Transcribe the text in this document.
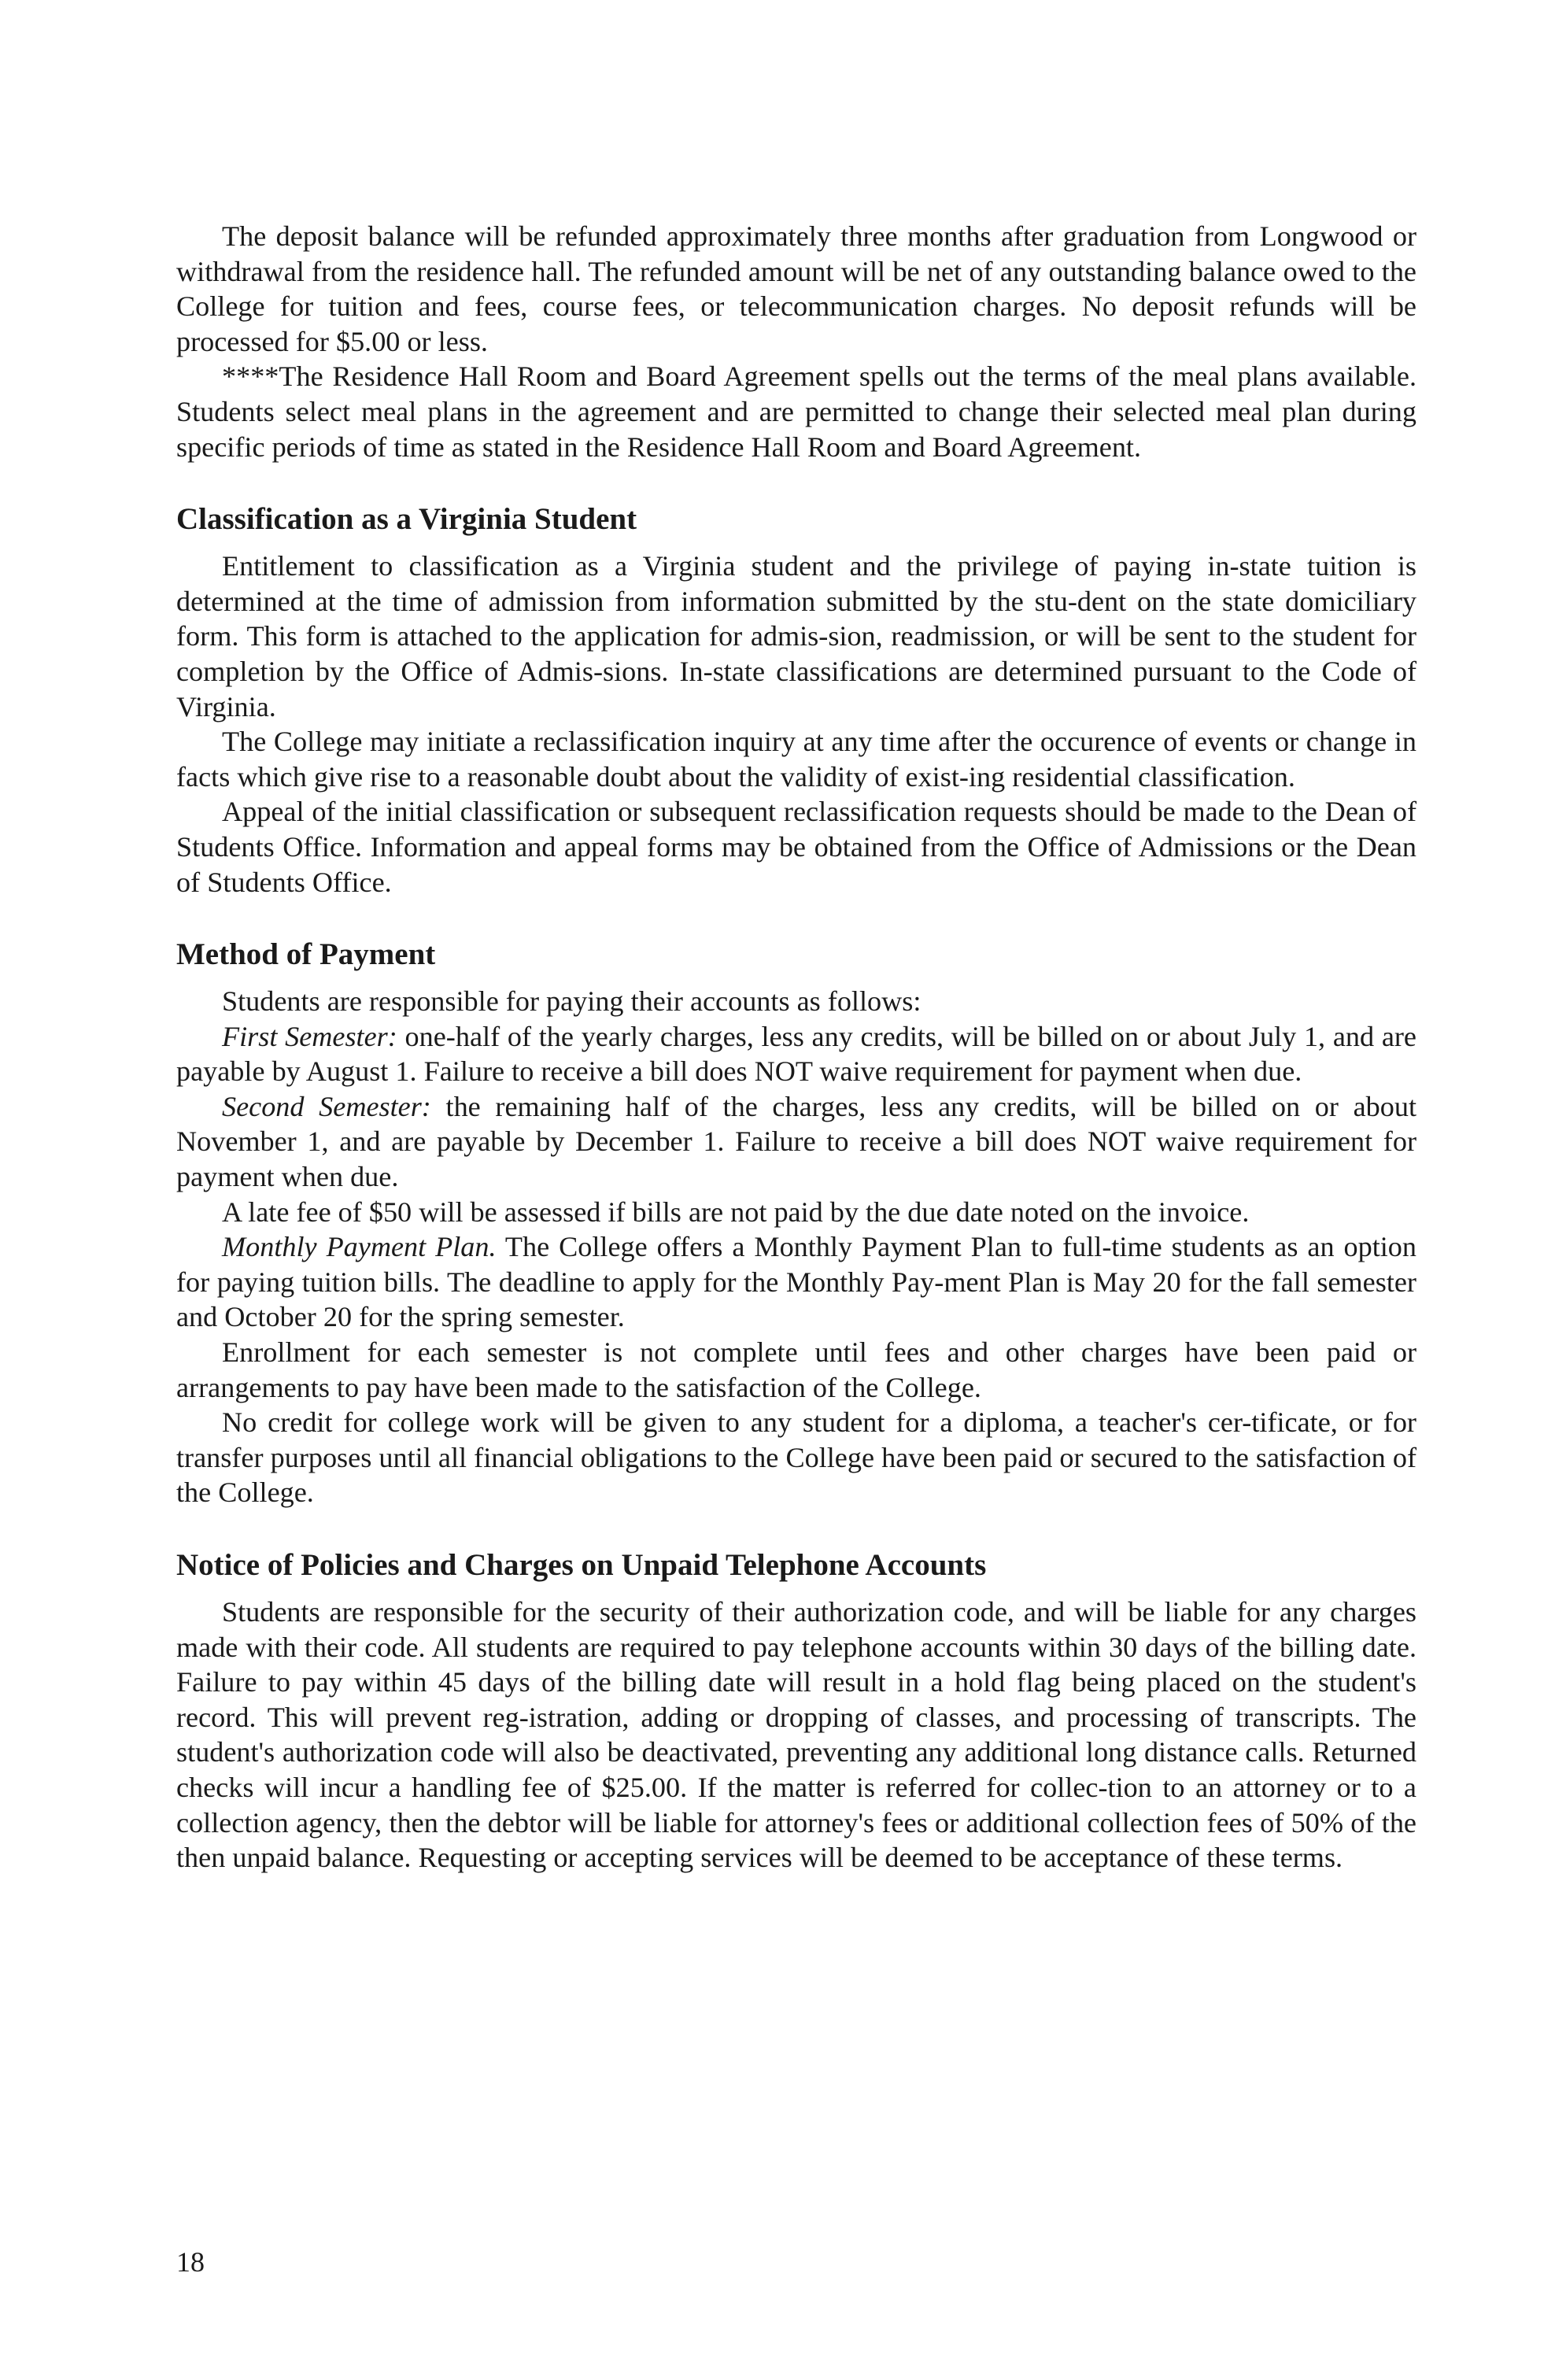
The deposit balance will be refunded approximately three months after graduation from Longwood or withdrawal from the residence hall. The refunded amount will be net of any outstanding balance owed to the College for tuition and fees, course fees, or telecommunication charges. No deposit refunds will be processed for $5.00 or less.

****The Residence Hall Room and Board Agreement spells out the terms of the meal plans available. Students select meal plans in the agreement and are permitted to change their selected meal plan during specific periods of time as stated in the Residence Hall Room and Board Agreement.

Classification as a Virginia Student

Entitlement to classification as a Virginia student and the privilege of paying in-state tuition is determined at the time of admission from information submitted by the stu-dent on the state domiciliary form. This form is attached to the application for admis-sion, readmission, or will be sent to the student for completion by the Office of Admis-sions. In-state classifications are determined pursuant to the Code of Virginia.

The College may initiate a reclassification inquiry at any time after the occurence of events or change in facts which give rise to a reasonable doubt about the validity of exist-ing residential classification.

Appeal of the initial classification or subsequent reclassification requests should be made to the Dean of Students Office. Information and appeal forms may be obtained from the Office of Admissions or the Dean of Students Office.

Method of Payment

Students are responsible for paying their accounts as follows:

First Semester: one-half of the yearly charges, less any credits, will be billed on or about July 1, and are payable by August 1. Failure to receive a bill does NOT waive requirement for payment when due.

Second Semester: the remaining half of the charges, less any credits, will be billed on or about November 1, and are payable by December 1. Failure to receive a bill does NOT waive requirement for payment when due.

A late fee of $50 will be assessed if bills are not paid by the due date noted on the invoice.

Monthly Payment Plan. The College offers a Monthly Payment Plan to full-time students as an option for paying tuition bills. The deadline to apply for the Monthly Pay-ment Plan is May 20 for the fall semester and October 20 for the spring semester.

Enrollment for each semester is not complete until fees and other charges have been paid or arrangements to pay have been made to the satisfaction of the College.

No credit for college work will be given to any student for a diploma, a teacher's cer-tificate, or for transfer purposes until all financial obligations to the College have been paid or secured to the satisfaction of the College.

Notice of Policies and Charges on Unpaid Telephone Accounts

Students are responsible for the security of their authorization code, and will be liable for any charges made with their code. All students are required to pay telephone accounts within 30 days of the billing date. Failure to pay within 45 days of the billing date will result in a hold flag being placed on the student's record. This will prevent reg-istration, adding or dropping of classes, and processing of transcripts. The student's authorization code will also be deactivated, preventing any additional long distance calls. Returned checks will incur a handling fee of $25.00. If the matter is referred for collec-tion to an attorney or to a collection agency, then the debtor will be liable for attorney's fees or additional collection fees of 50% of the then unpaid balance. Requesting or accepting services will be deemed to be acceptance of these terms.

18
